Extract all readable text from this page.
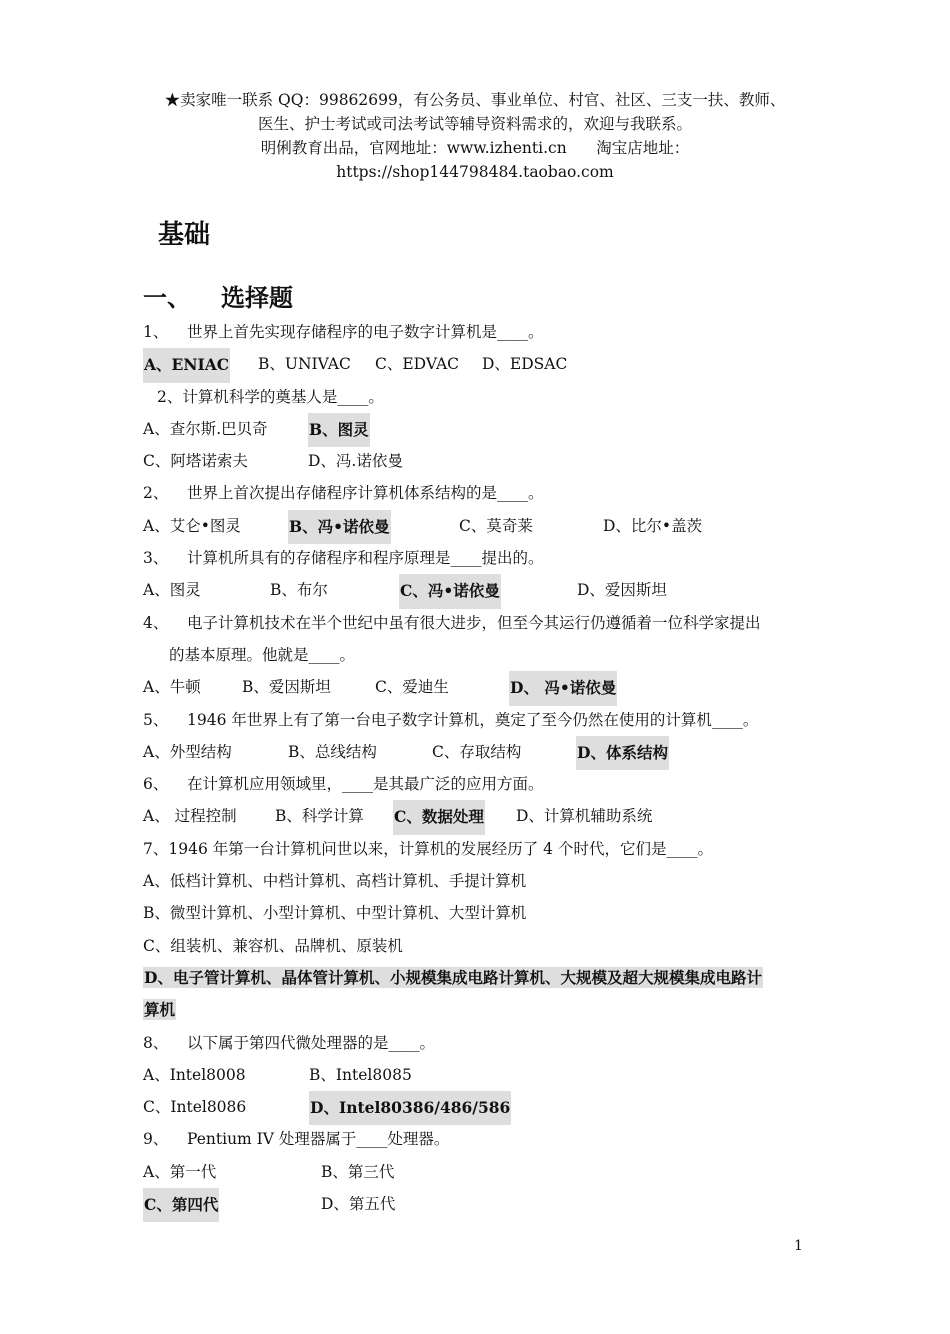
★卖家唯一联系 QQ：99862699，有公务员、事业单位、村官、社区、三支一扶、教师、
医生、护士考试或司法考试等辅导资料需求的，欢迎与我联系。
明俐教育出品，官网地址：www.izhenti.cn      淘宝店地址：
https://shop144798484.taobao.com
基础
一、 选择题
1、 世界上首先实现存储程序的电子数字计算机是____。
A、ENIAC B、UNIVAC C、EDVAC D、EDSAC
2、计算机科学的奠基人是____。
A、查尔斯.巴贝奇	B、图灵
C、阿塔诺索夫	D、冯.诺依曼
2、 世界上首次提出存储程序计算机体系结构的是____。
A、艾仑•图灵	B、冯•诺依曼	C、莫奇莱	D、比尔•盖茨
3、 计算机所具有的存储程序和程序原理是____提出的。
A、图灵	B、布尔	C、冯•诺依曼	D、爱因斯坦
4、 电子计算机技术在半个世纪中虽有很大进步，但至今其运行仍遵循着一位科学家提出
的基本原理。他就是____。
A、牛顿	B、爱因斯坦	C、爱迪生	D、 冯•诺依曼
5、 1946 年世界上有了第一台电子数字计算机，奠定了至今仍然在使用的计算机____。
A、外型结构	B、总线结构	C、存取结构	D、体系结构
6、 在计算机应用领域里，____是其最广泛的应用方面。
A、 过程控制 B、科学计算 C、数据处理 D、计算机辅助系统
7、1946 年第一台计算机问世以来，计算机的发展经历了 4 个时代，它们是____。
A、低档计算机、中档计算机、高档计算机、手提计算机
B、微型计算机、小型计算机、中型计算机、大型计算机
C、组装机、兼容机、品牌机、原装机
D、电子管计算机、晶体管计算机、小规模集成电路计算机、大规模及超大规模集成电路计
算机
8、 以下属于第四代微处理器的是____。
A、Intel8008	B、Intel8085
C、Intel8086	D、Intel80386/486/586
9、 Pentium IV 处理器属于____处理器。
A、第一代	B、第三代
C、第四代	D、第五代
1
